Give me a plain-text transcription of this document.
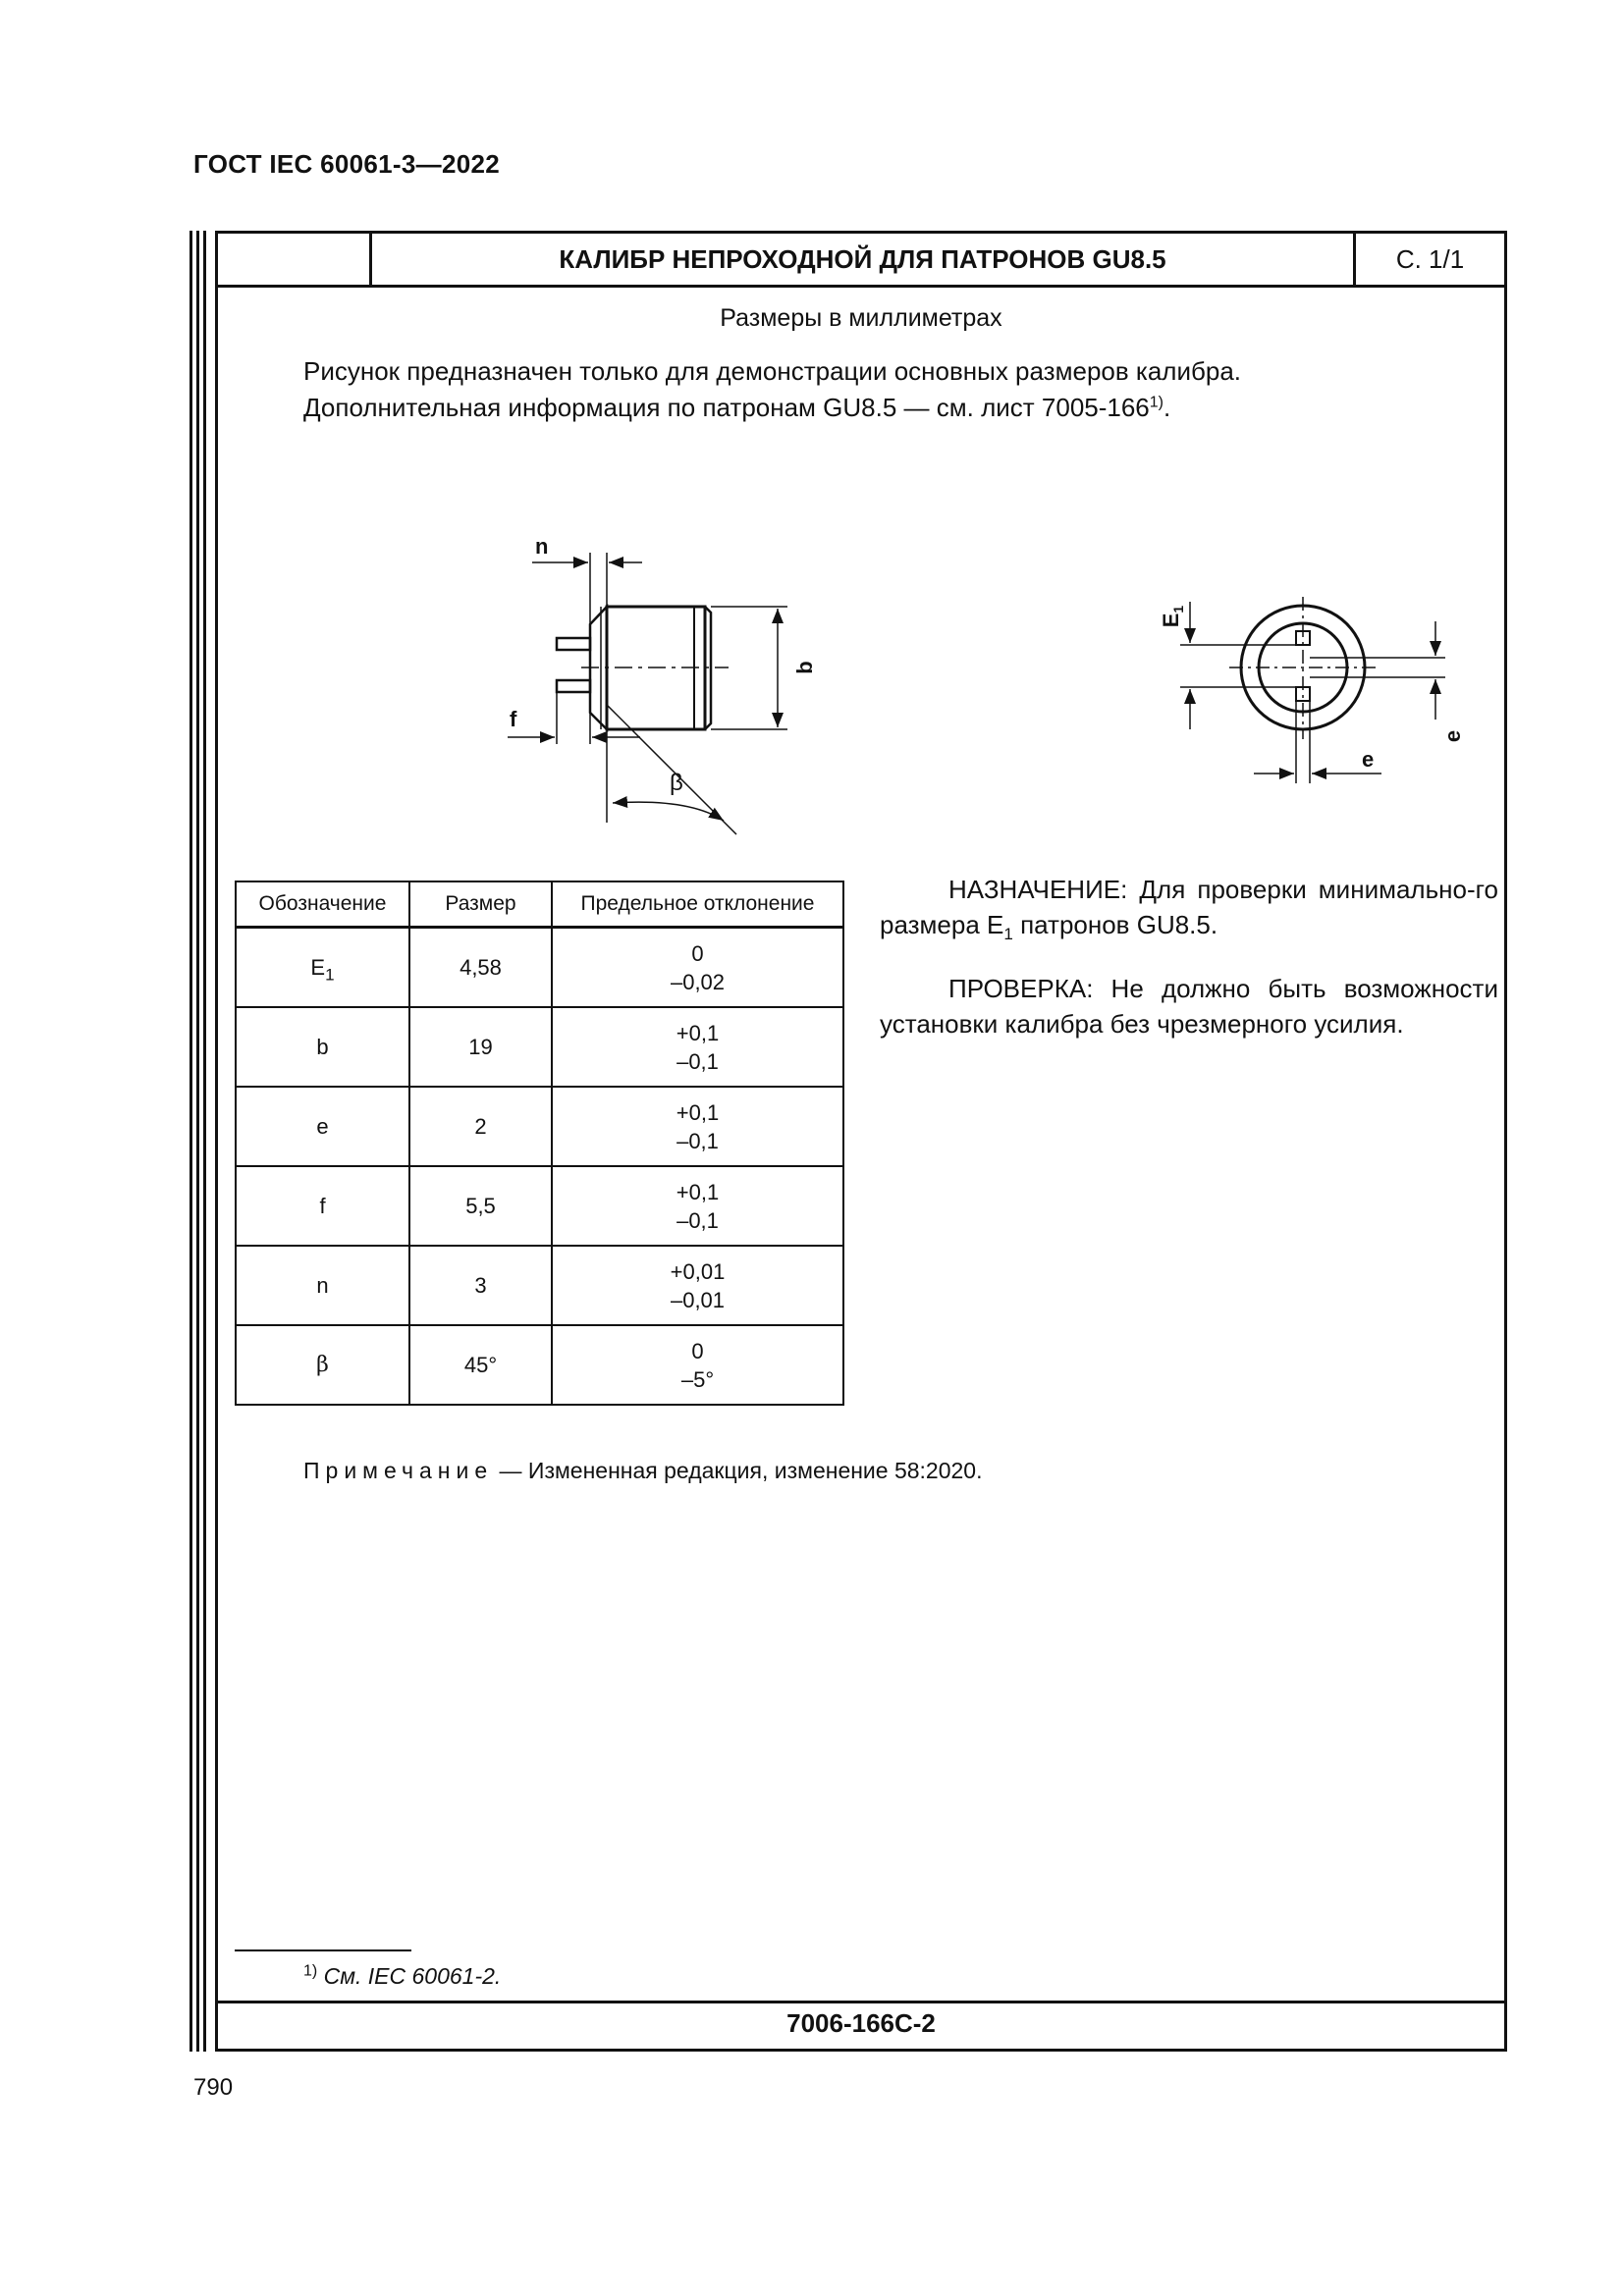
ГОСТ IEC 60061-3—2022
КАЛИБР НЕПРОХОДНОЙ ДЛЯ ПАТРОНОВ GU8.5	С. 1/1
Размеры в миллиметрах
Рисунок предназначен только для демонстрации основных размеров калибра.
Дополнительная информация по патронам GU8.5 — см. лист 7005-166$^{1)}$.
n
f
b
β
$E_1$
e
e
Обозначение	Размер	Предельное отклонение
$E_1$	4,58	0
–0,02

b	19	+0,1
–0,1

e	2	+0,1
–0,1

f	5,5	+0,1
–0,1

n	3	+0,01
–0,01

β	45°	0
–5°

НАЗНАЧЕНИЕ: Для проверки минимально-го размера $E_1$ патронов GU8.5.

ПРОВЕРКА: Не должно быть возможности установки калибра без чрезмерного усилия.

Примечание — Измененная редакция, изменение 58:2020.
$^{1)}$ См. IEC 60061-2.
7006-166C-2
790
